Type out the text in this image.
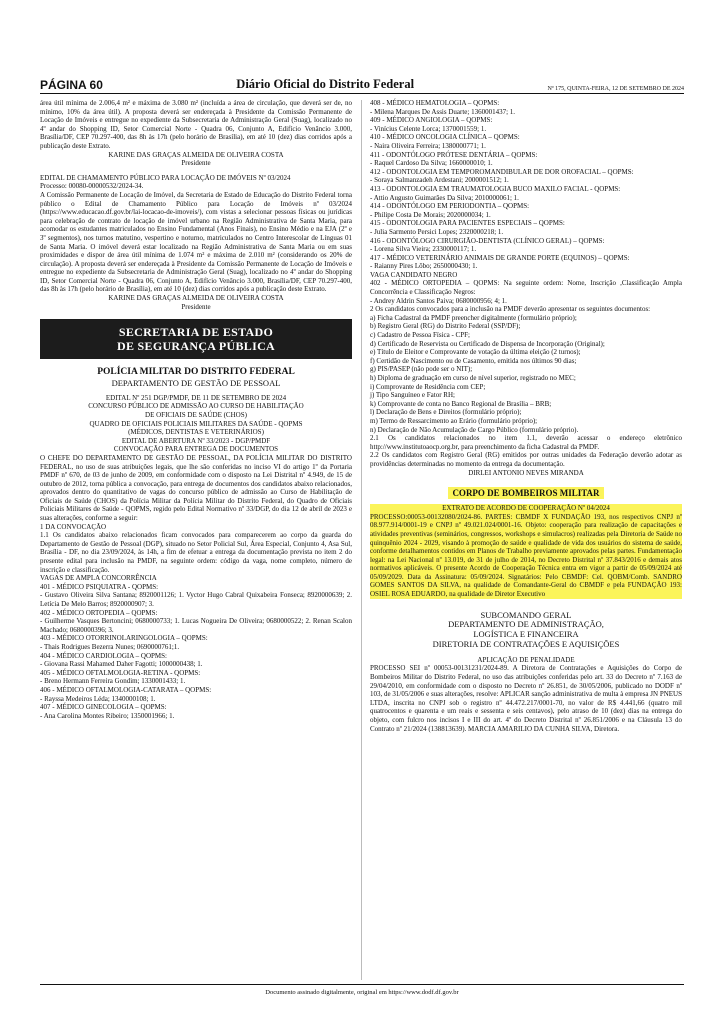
PÁGINA 60	Diário Oficial do Distrito Federal	Nº 175, QUINTA-FEIRA, 12 DE SETEMBRO DE 2024

área útil mínima de 2.006,4 m² e máxima de 3.080 m² (incluída a área de circulação, que deverá ser de, no mínimo, 10% da área útil). A proposta deverá ser endereçada à Presidente da Comissão Permanente de Locação de Imóveis e entregue no expediente da Subsecretaria de Administração Geral (Suag), localizado no 4º andar do Shopping ID, Setor Comercial Norte - Quadra 06, Conjunto A, Edifício Venâncio 3.000, Brasília/DF, CEP 70.297-400, das 8h às 17h (pelo horário de Brasília), em até 10 (dez) dias corridos após a publicação deste Extrato.

KARINE DAS GRAÇAS ALMEIDA DE OLIVEIRA COSTA

Presidente

EDITAL DE CHAMAMENTO PÚBLICO PARA LOCAÇÃO DE IMÓVEIS Nº 03/2024

Processo: 00080-00000532/2024-34.

A Comissão Permanente de Locação de Imóvel, da Secretaria de Estado de Educação do Distrito Federal torna público o Edital de Chamamento Público para Locação de Imóveis nº 03/2024 (https://www.educacao.df.gov.br/lai-locacao-de-imoveis/), com vistas a selecionar pessoas físicas ou jurídicas para celebração de contrato de locação de imóvel urbano na Região Administrativa de Santa Maria, para acomodar os estudantes matriculados no Ensino Fundamental (Anos Finais), no Ensino Médio e na EJA (2º e 3º segmentos), nos turnos matutino, vespertino e noturno, matriculados no Centro Interescolar de Línguas 01 de Santa Maria. O imóvel deverá estar localizado na Região Administrativa de Santa Maria ou em suas proximidades e dispor de área útil mínima de 1.074 m² e máxima de 2.010 m² (considerando os 20% de circulação). A proposta deverá ser endereçada à Presidente da Comissão Permanente de Locação de Imóveis e entregue no expediente da Subsecretaria de Administração Geral (Suag), localizado no 4º andar do Shopping ID, Setor Comercial Norte - Quadra 06, Conjunto A, Edifício Venâncio 3.000, Brasília/DF, CEP 70.297-400, das 8h às 17h (pelo horário de Brasília), em até 10 (dez) dias corridos após a publicação deste Extrato.

KARINE DAS GRAÇAS ALMEIDA DE OLIVEIRA COSTA

Presidente

SECRETARIA DE ESTADO
DE SEGURANÇA PÚBLICA

POLÍCIA MILITAR DO DISTRITO FEDERAL

DEPARTAMENTO DE GESTÃO DE PESSOAL

EDITAL Nº 251 DGP/PMDF, DE 11 DE SETEMBRO DE 2024

CONCURSO PÚBLICO DE ADMISSÃO AO CURSO DE HABILITAÇÃO

DE OFICIAIS DE SAÚDE (CHOS)

QUADRO DE OFICIAIS POLICIAIS MILITARES DA SAÚDE - QOPMS

(MÉDICOS, DENTISTAS E VETERINÁRIOS)

EDITAL DE ABERTURA Nº 33/2023 - DGP/PMDF

CONVOCAÇÃO PARA ENTREGA DE DOCUMENTOS

O CHEFE DO DEPARTAMENTO DE GESTÃO DE PESSOAL, DA POLÍCIA MILITAR DO DISTRITO FEDERAL, no uso de suas atribuições legais, que lhe são conferidas no inciso VI do artigo 1º da Portaria PMDF nº 670, de 03 de junho de 2009, em conformidade com o disposto na Lei Distrital nº 4.949, de 15 de outubro de 2012, torna pública a convocação, para entrega de documentos dos candidatos abaixo relacionados, aprovados dentro do quantitativo de vagas do concurso público de admissão ao Curso de Habilitação de Oficiais de Saúde (CHOS) da Polícia Militar da Polícia Militar do Distrito Federal, do Quadro de Oficiais Policiais Militares de Saúde - QOPMS, regido pelo Edital Normativo nº 33/DGP, do dia 12 de abril de 2023 e suas alterações, conforme a seguir:

1 DA CONVOCAÇÃO

1.1 Os candidatos abaixo relacionados ficam convocados para comparecerem ao corpo da guarda do Departamento de Gestão de Pessoal (DGP), situado no Setor Policial Sul, Área Especial, Conjunto 4, Asa Sul, Brasília - DF, no dia 23/09/2024, às 14h, a fim de efetuar a entrega da documentação prevista no item 2 do presente edital para inclusão na PMDF, na seguinte ordem: código da vaga, nome completo, número de inscrição e classificação.

VAGAS DE AMPLA CONCORRÊNCIA

401 - MÉDICO PSIQUIATRA - QOPMS:

- Gustavo Oliveira Silva Santana; 8920001126; 1. Vyctor Hugo Cabral Quixabeira Fonseca; 8920000639; 2. Letícia De Melo Barros; 8920000907; 3.

402 - MÉDICO ORTOPEDIA – QOPMS:

- Guilherme Vasques Bertoncini; 0680000733; 1. Lucas Nogueira De Oliveira; 0680000522; 2. Renan Scalon Machado; 0680000396; 3.

403 - MÉDICO OTORRINOLARINGOLOGIA – QOPMS:

- Thais Rodrigues Bezerra Nunes; 0690000761;1.

404 - MÉDICO CARDIOLOGIA – QOPMS:

- Giovana Rassi Mahamed Daher Fagotti; 1000000438; 1.

405 - MÉDICO OFTALMOLOGIA-RETINA - QOPMS:

- Breno Hermann Ferreira Gondim; 1330001433; 1.

406 - MÉDICO OFTALMOLOGIA-CATARATA – QOPMS:

- Rayssa Medeiros Léda; 1340000108; 1.

407 - MÉDICO GINECOLOGIA – QOPMS:

- Ana Carolina Montes Ribeiro; 1350001966; 1.

408 - MÉDICO HEMATOLOGIA – QOPMS:

- Milena Marques De Assis Duarte; 1360001437; 1.

409 - MÉDICO ANGIOLOGIA – QOPMS:

- Vinícius Celente Lorca; 1370001559; 1.

410 - MÉDICO ONCOLOGIA CLÍNICA – QOPMS:

- Naira Oliveira Ferreira; 1380000771; 1.

411 - ODONTÓLOGO PRÓTESE DENTÁRIA – QOPMS:

- Raquel Cardoso Da Silva; 1660000010; 1.

412 - ODONTOLOGIA EM TEMPOROMANDIBULAR DE DOR OROFACIAL – QOPMS:

- Soraya Salmanzadeh Ardestani; 2000001512; 1.

413 - ODONTOLOGIA EM TRAUMATOLOGIA BUCO MAXILO FACIAL - QOPMS:

- Attio Augusto Guimarães Da Silva; 2010000061; 1.

414 - ODONTÓLOGO EM PERIODONTIA – QOPMS:

- Philipe Costa De Morais; 2020000034; 1.

415 - ODONTOLOGIA PARA PACIENTES ESPECIAIS – QOPMS:

- Julia Sarmento Persici Lopes; 2320000218; 1.

416 - ODONTÓLOGO CIRURGIÃO-DENTISTA (CLÍNICO GERAL) – QOPMS:

- Lorena Silva Vieira; 2330000117; 1.

417 - MÉDICO VETERINÁRIO ANIMAIS DE GRANDE PORTE (EQUINOS) – QOPMS:

- Raianny Pires Lôbo; 2650000430; 1.

VAGA CANDIDATO NEGRO

402 - MÉDICO ORTOPEDIA – QOPMS: Na seguinte ordem: Nome, Inscrição ,Classificação Ampla Concorrência e Classificação Negros:

- Andrey Aldrin Santos Paiva; 0680000956; 4; 1.

2 Os candidatos convocados para a inclusão na PMDF deverão apresentar os seguintes documentos:

a) Ficha Cadastral da PMDF preencher digitalmente (formulário próprio);

b) Registro Geral (RG) do Distrito Federal (SSP/DF);

c) Cadastro de Pessoa Física - CPF;

d) Certificado de Reservista ou Certificado de Dispensa de Incorporação (Original);

e) Título de Eleitor e Comprovante de votação da última eleição (2 turnos);

f) Certidão de Nascimento ou de Casamento, emitida nos últimos 90 dias;

g) PIS/PASEP (não pode ser o NIT);

h) Diploma de graduação em curso de nível superior, registrado no MEC;

i) Comprovante de Residência com CEP;

j) Tipo Sanguíneo e Fator RH;

k) Comprovante de conta no Banco Regional de Brasília – BRB;

l) Declaração de Bens e Direitos (formulário próprio);

m) Termo de Ressarcimento ao Erário (formulário próprio);

n) Declaração de Não Acumulação de Cargo Público (formulário próprio).

2.1 Os candidatos relacionados no item 1.1, deverão acessar o endereço eletrônico http://www.institutoaocp.org.br, para preenchimento da ficha Cadastral da PMDF.

2.2 Os candidatos com Registro Geral (RG) emitidos por outras unidades da Federação deverão adotar as providências determinadas no momento da entrega da documentação.

DIRLEI ANTONIO NEVES MIRANDA

CORPO DE BOMBEIROS MILITAR

EXTRATO DE ACORDO DE COOPERAÇÃO Nº 04/2024

PROCESSO:00053-00132080/2024-86. PARTES: CBMDF X FUNDAÇÃO 193, nos respectivos CNPJ nº 08.977.914/0001-19 e CNPJ nº 49.021.024/0001-16. Objeto: cooperação para realização de capacitações e atividades preventivas (seminários, congressos, workshops e simulacros) realizadas pela Diretoria de Saúde no quinquênio 2024 - 2029, visando à promoção de saúde e qualidade de vida dos usuários do sistema de saúde, conforme detalhamentos contidos em Planos de Trabalho previamente aprovados pelas partes. Fundamentação legal: na Lei Nacional nº 13.019, de 31 de julho de 2014, no Decreto Distrital nº 37.843/2016 e demais atos normativos aplicáveis. O presente Acordo de Cooperação Técnica entra em vigor a partir de 05/09/2024 até 05/09/2029. Data da Assinatura: 05/09/2024. Signatários: Pelo CBMDF: Cel. QOBM/Comb. SANDRO GOMES SANTOS DA SILVA, na qualidade de Comandante-Geral do CBMDF e pela FUNDAÇÃO 193: OSIEL ROSA EDUARDO, na qualidade de Diretor Executivo

SUBCOMANDO GERAL

DEPARTAMENTO DE ADMINISTRAÇÃO,

LOGÍSTICA E FINANCEIRA

DIRETORIA DE CONTRATAÇÕES E AQUISIÇÕES

APLICAÇÃO DE PENALIDADE

PROCESSO SEI nº 00053-00131231/2024-89. A Diretora de Contratações e Aquisições do Corpo de Bombeiros Militar do Distrito Federal, no uso das atribuições conferidas pelo art. 33 do Decreto nº 7.163 de 29/04/2010, em conformidade com o disposto no Decreto nº 26.851, de 30/05/2006, publicado no DODF nº 103, de 31/05/2006 e suas alterações, resolve: APLICAR sanção administrativa de multa à empresa JN PNEUS LTDA, inscrita no CNPJ sob o registro nº 44.472.217/0001-70, no valor de R$ 4.441,66 (quatro mil quatrocentos e quarenta e um reais e sessenta e seis centavos), pelo atraso de 10 (dez) dias na entrega do objeto, com fulcro nos incisos I e III do art. 4º do Decreto Distrital nº 26.851/2006 e na Cláusula 13 do Contrato nº 21/2024 (138813639). MARCIA AMARILIO DA CUNHA SILVA, Diretora.

Documento assinado digitalmente, original em https://www.dodf.df.gov.br
